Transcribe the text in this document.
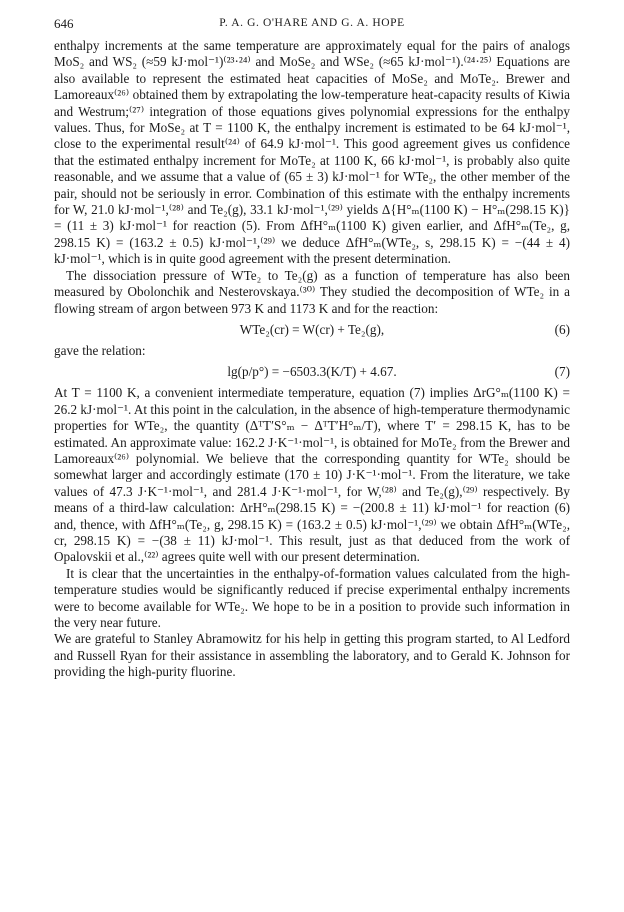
646	P. A. G. O'HARE AND G. A. HOPE

enthalpy increments at the same temperature are approximately equal for the pairs of analogs MoS₂ and WS₂ (≈59 kJ·mol⁻¹)⁽²³·²⁴⁾ and MoSe₂ and WSe₂ (≈65 kJ·mol⁻¹).⁽²⁴·²⁵⁾ Equations are also available to represent the estimated heat capacities of MoSe₂ and MoTe₂. Brewer and Lamoreaux⁽²⁶⁾ obtained them by extrapolating the low-temperature heat-capacity results of Kiwia and Westrum;⁽²⁷⁾ integration of those equations gives polynomial expressions for the enthalpy values. Thus, for MoSe₂ at T = 1100 K, the enthalpy increment is estimated to be 64 kJ·mol⁻¹, close to the experimental result⁽²⁴⁾ of 64.9 kJ·mol⁻¹. This good agreement gives us confidence that the estimated enthalpy increment for MoTe₂ at 1100 K, 66 kJ·mol⁻¹, is probably also quite reasonable, and we assume that a value of (65 ± 3) kJ·mol⁻¹ for WTe₂, the other member of the pair, should not be seriously in error. Combination of this estimate with the enthalpy increments for W, 21.0 kJ·mol⁻¹,⁽²⁸⁾ and Te₂(g), 33.1 kJ·mol⁻¹,⁽²⁹⁾ yields Δ{H°ₘ(1100 K) − H°ₘ(298.15 K)} = (11 ± 3) kJ·mol⁻¹ for reaction (5). From ΔfH°ₘ(1100 K) given earlier, and ΔfH°ₘ(Te₂, g, 298.15 K) = (163.2 ± 0.5) kJ·mol⁻¹,⁽²⁹⁾ we deduce ΔfH°ₘ(WTe₂, s, 298.15 K) = −(44 ± 4) kJ·mol⁻¹, which is in quite good agreement with the present determination.

The dissociation pressure of WTe₂ to Te₂(g) as a function of temperature has also been measured by Obolonchik and Nesterovskaya.⁽³⁰⁾ They studied the decomposition of WTe₂ in a flowing stream of argon between 973 K and 1173 K and for the reaction:

WTe₂(cr) = W(cr) + Te₂(g),	(6)

gave the relation:

lg(p/p°) = −6503.3(K/T) + 4.67.	(7)

At T = 1100 K, a convenient intermediate temperature, equation (7) implies ΔrG°ₘ(1100 K) = 26.2 kJ·mol⁻¹. At this point in the calculation, in the absence of high-temperature thermodynamic properties for WTe₂, the quantity (ΔᵀT′S°ₘ − ΔᵀT′H°ₘ/T), where T′ = 298.15 K, has to be estimated. An approximate value: 162.2 J·K⁻¹·mol⁻¹, is obtained for MoTe₂ from the Brewer and Lamoreaux⁽²⁶⁾ polynomial. We believe that the corresponding quantity for WTe₂ should be somewhat larger and accordingly estimate (170 ± 10) J·K⁻¹·mol⁻¹. From the literature, we take values of 47.3 J·K⁻¹·mol⁻¹, and 281.4 J·K⁻¹·mol⁻¹, for W,⁽²⁸⁾ and Te₂(g),⁽²⁹⁾ respectively. By means of a third-law calculation: ΔrH°ₘ(298.15 K) = −(200.8 ± 11) kJ·mol⁻¹ for reaction (6) and, thence, with ΔfH°ₘ(Te₂, g, 298.15 K) = (163.2 ± 0.5) kJ·mol⁻¹,⁽²⁹⁾ we obtain ΔfH°ₘ(WTe₂, cr, 298.15 K) = −(38 ± 11) kJ·mol⁻¹. This result, just as that deduced from the work of Opalovskii et al.,⁽²²⁾ agrees quite well with our present determination.

It is clear that the uncertainties in the enthalpy-of-formation values calculated from the high-temperature studies would be significantly reduced if precise experimental enthalpy increments were to become available for WTe₂. We hope to be in a position to provide such information in the very near future.

We are grateful to Stanley Abramowitz for his help in getting this program started, to Al Ledford and Russell Ryan for their assistance in assembling the laboratory, and to Gerald K. Johnson for providing the high-purity fluorine.
